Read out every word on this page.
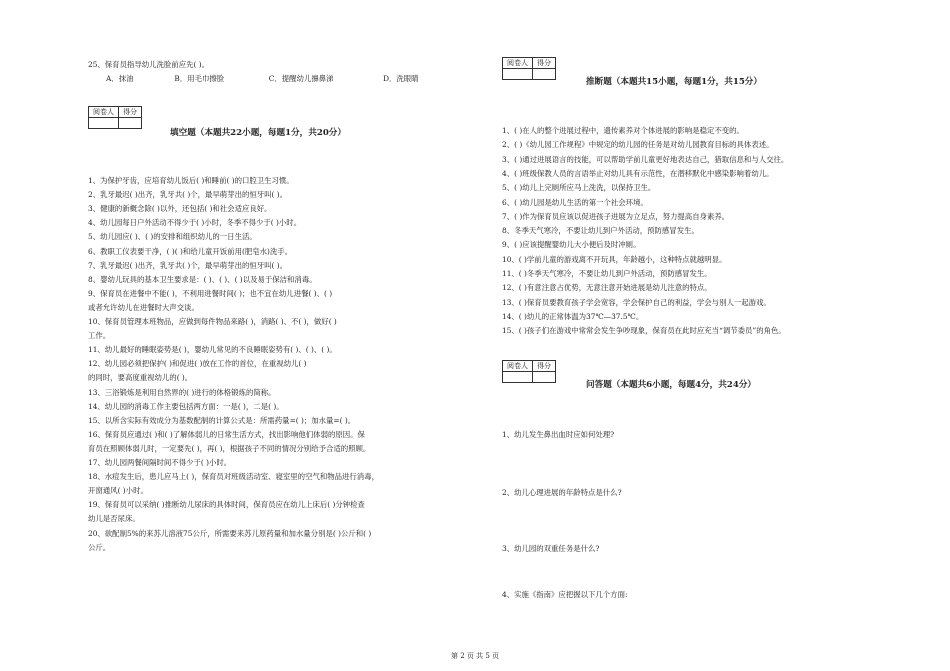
25、保育员指导幼儿洗脸前应先( )。
A．抹油	B．用毛巾擦脸	C．提醒幼儿擤鼻涕	D．洗眼睛
阅卷人	得分

填空题（本题共22小题，每题1分，共20分）
1、为保护牙齿，应培育幼儿饭后( )和睡前( )的口腔卫生习惯。
2、乳牙最迟( )出齐，乳牙共( )个，最早萌芽出的恒牙叫( )。
3、健康的新概念除( )以外，还包括( )和社会适应良好。
4、幼儿园每日户外活动不得少于( )小时，冬季不得少于( )小时。
5、幼儿园应( )、( )的安排和组织幼儿的一日生活。
6、教职工仪表要干净，( )( )和给儿童开饭前用(肥皂水)洗手。
7、乳牙最迟( )出齐，乳牙共( )个，最早萌芽出的恒牙叫( )。
8、婴幼儿玩具的基本卫生要求是：( )、( )、( )以及易于保洁和消毒。
9、保育员在进餐中不能( )，不利用进餐时间( )；也不宜在幼儿进餐( )、( )
或者允许幼儿在进餐时大声交谈。
10、保育员管理本班物品，应做到每件物品来路( )，消路( )、不( )，做好( )
工作。
11、幼儿最好的睡眠姿势是( )，婴幼儿常见的不良睡眠姿势有( )、( )、( )。
12、幼儿园必须把保护( )和促进( )放在工作的首位，在重视幼儿( )
的同时，要高度重视幼儿的( )。
13、三浴锻炼是利用自然界的( )进行的体格锻炼的简称。
14、幼儿园的消毒工作主要包括两方面：一是( )，二是( )。
15、以所含实际有效成分为基数配制的计算公式是：所需药量=( )；加水量=( )。
16、保育员应通过( )和( )了解体弱儿的日常生活方式，找出影响他们体弱的原因。保
育员在照顾体弱儿时，一定要先( )，再( )，根据孩子不同的情况分别给予合适的照顾。
17、幼儿园两餐间隔时间不得少于( )小时。
18、水痘发生后，患儿应马上( )，保育员对班级活动室、寝室里的空气和物品进行消毒，
开窗通风( )小时。
19、保育员可以采纳( )推断幼儿尿床的具体时间，保育员应在幼儿上床后( )分钟检查
幼儿是否尿床。
20、欲配制5%的来苏儿溶液75公斤，所需要来苏儿原药量和加水量分别是( )公斤和( )
公斤。
阅卷人	得分

推断题（本题共15小题，每题1分，共15分）
1、( )在人的整个进展过程中，遗传素养对个体进展的影响是稳定不变的。
2、( )《幼儿园工作规程》中规定的幼儿园的任务是对幼儿园教育目标的具体表述。
3、( )通过进展语言的技能，可以帮助学前儿童更好地表达自己，猎取信息和与人交往。
4、( )班级保教人员的言语举止对幼儿具有示范性，在潜移默化中感染影响着幼儿。
5、( )幼儿上完厕所应马上洗洗，以保持卫生。
6、( )幼儿园是幼儿生活的第一个社会环境。
7、( )作为保育员应该以促进孩子进展为立足点，努力提高自身素养。
8、冬季天气寒冷，不要让幼儿到户外活动，预防感冒发生。
9、( )应该提醒婴幼儿大小便后及时冲厕。
10、( )学前儿童的游戏离不开玩具，年龄越小，这种特点就越明显。
11、( )冬季天气寒冷，不要让幼儿到户外活动，预防感冒发生。
12、( )有意注意占优势，无意注意开始进展是幼儿注意的特点。
13、( )保育员要教育孩子学会宽容，学会保护自己的利益，学会与别人一起游戏。
14、( )幼儿的正常体温为37℃—37.5℃。
15、( )孩子们在游戏中常常会发生争吵现象，保育员在此时应充当“调节委员”的角色。
阅卷人	得分

问答题（本题共6小题，每题4分，共24分）
1、幼儿发生鼻出血时应如何处理?
2、幼儿心理进展的年龄特点是什么?
3、幼儿园的双重任务是什么?
4、实施《指南》应把握以下几个方面:
第 2 页 共 5 页
